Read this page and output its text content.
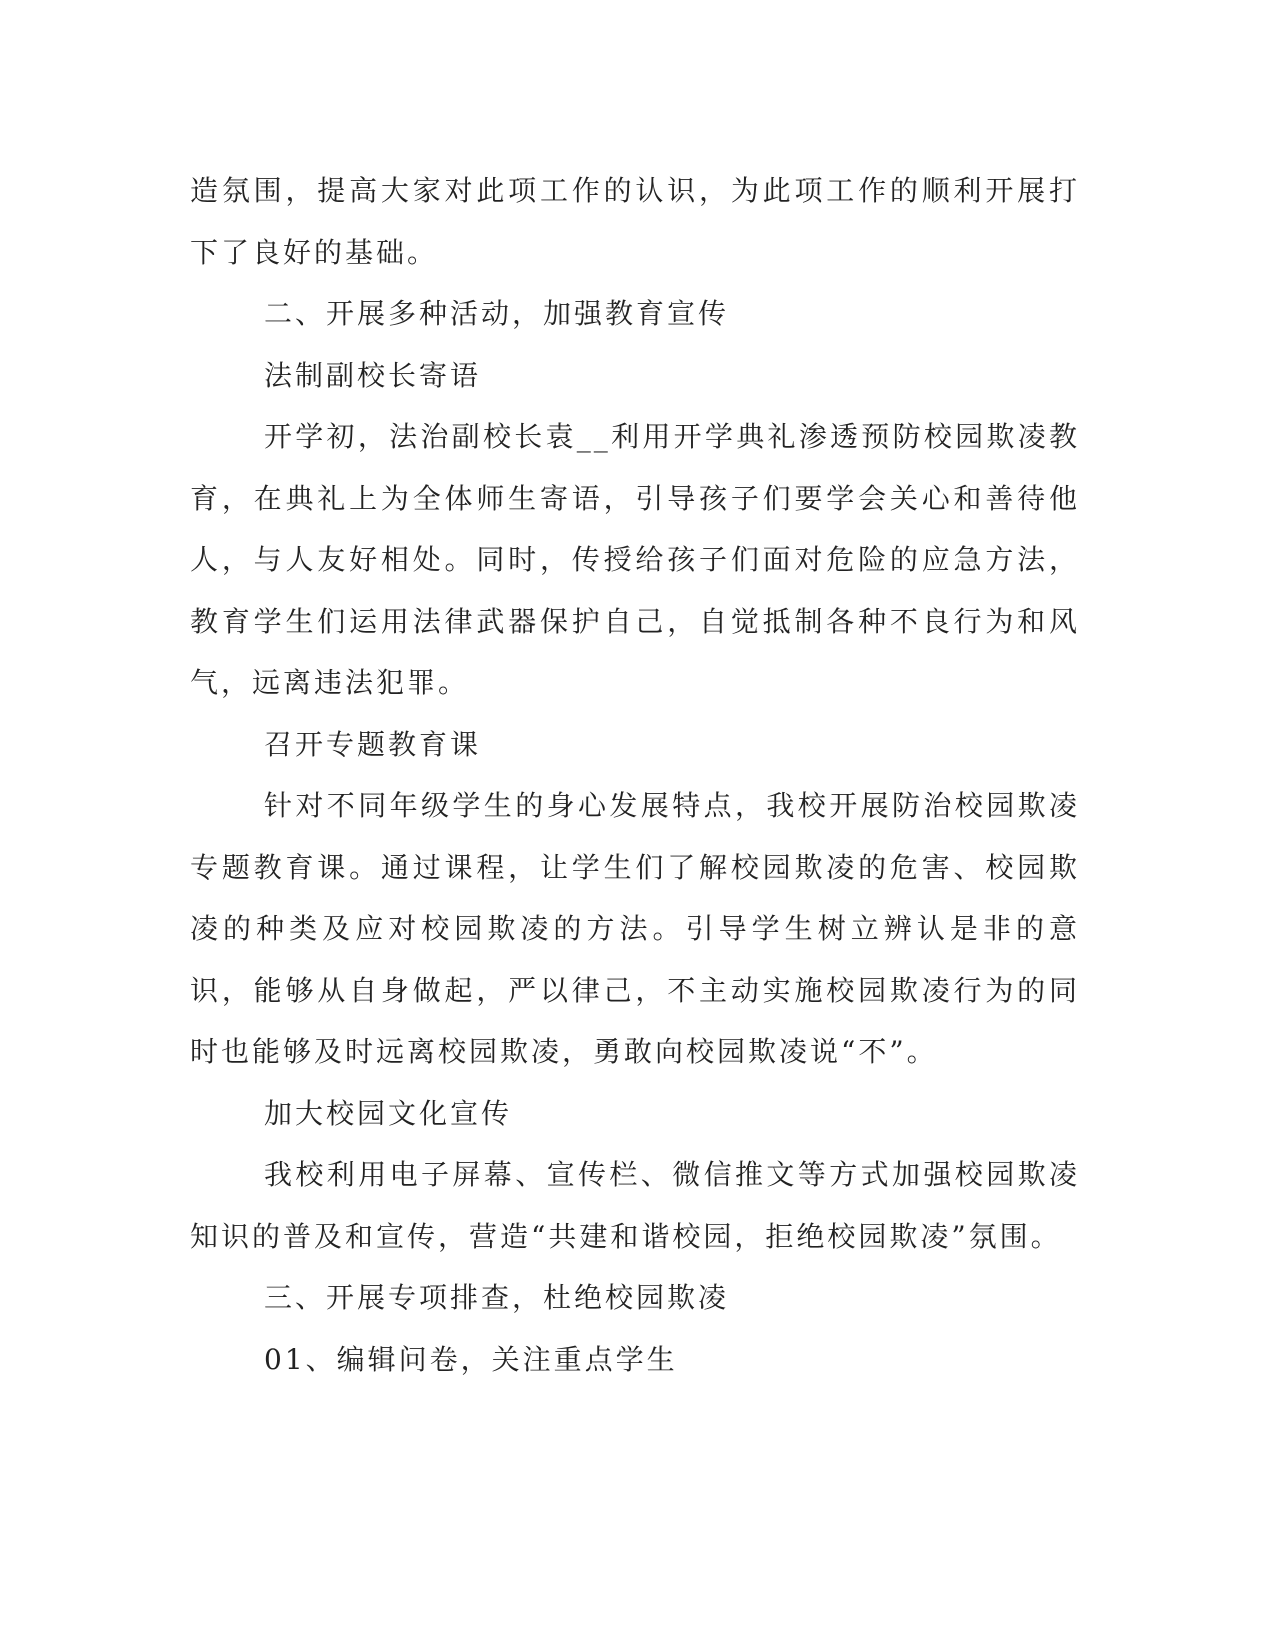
造氛围，提高大家对此项工作的认识，为此项工作的顺利开展打下了良好的基础。

二、开展多种活动，加强教育宣传

法制副校长寄语

开学初，法治副校长袁__利用开学典礼渗透预防校园欺凌教育，在典礼上为全体师生寄语，引导孩子们要学会关心和善待他人，与人友好相处。同时，传授给孩子们面对危险的应急方法，教育学生们运用法律武器保护自己，自觉抵制各种不良行为和风气，远离违法犯罪。

召开专题教育课

针对不同年级学生的身心发展特点，我校开展防治校园欺凌专题教育课。通过课程，让学生们了解校园欺凌的危害、校园欺凌的种类及应对校园欺凌的方法。引导学生树立辨认是非的意识，能够从自身做起，严以律己，不主动实施校园欺凌行为的同时也能够及时远离校园欺凌，勇敢向校园欺凌说“不”。

加大校园文化宣传

我校利用电子屏幕、宣传栏、微信推文等方式加强校园欺凌知识的普及和宣传，营造“共建和谐校园，拒绝校园欺凌”氛围。

三、开展专项排查，杜绝校园欺凌

01、编辑问卷，关注重点学生
